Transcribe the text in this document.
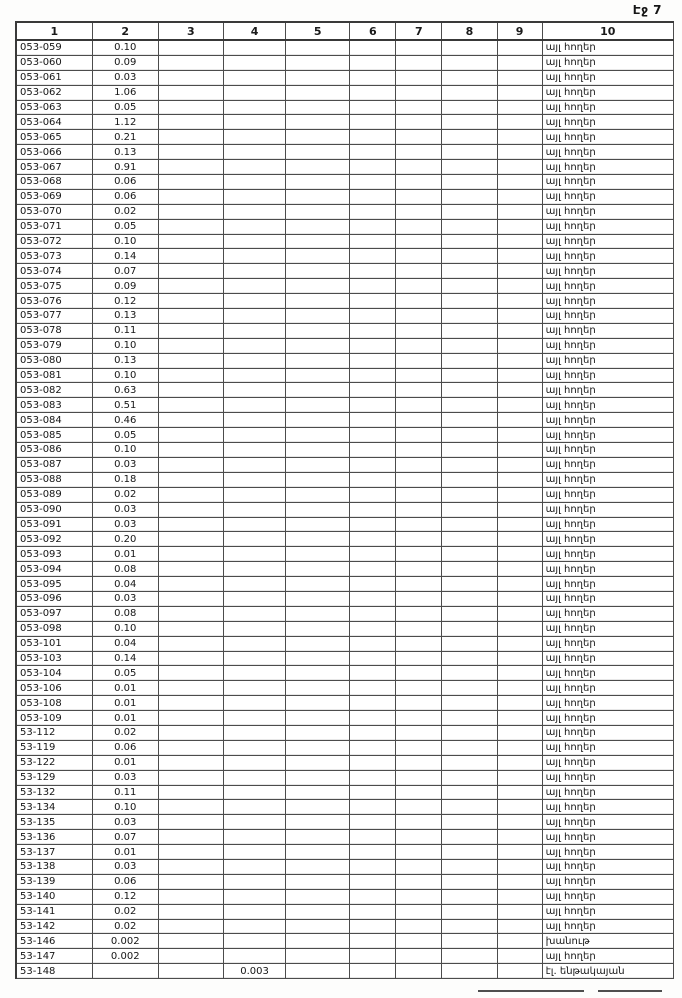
Էջ 7
1	2	3	4	5	6	7	8	9	10
053-059	0.10								այլ հողեր
053-060	0.09								այլ հողեր
053-061	0.03								այլ հողեր
053-062	1.06								այլ հողեր
053-063	0.05								այլ հողեր
053-064	1.12								այլ հողեր
053-065	0.21								այլ հողեր
053-066	0.13								այլ հողեր
053-067	0.91								այլ հողեր
053-068	0.06								այլ հողեր
053-069	0.06								այլ հողեր
053-070	0.02								այլ հողեր
053-071	0.05								այլ հողեր
053-072	0.10								այլ հողեր
053-073	0.14								այլ հողեր
053-074	0.07								այլ հողեր
053-075	0.09								այլ հողեր
053-076	0.12								այլ հողեր
053-077	0.13								այլ հողեր
053-078	0.11								այլ հողեր
053-079	0.10								այլ հողեր
053-080	0.13								այլ հողեր
053-081	0.10								այլ հողեր
053-082	0.63								այլ հողեր
053-083	0.51								այլ հողեր
053-084	0.46								այլ հողեր
053-085	0.05								այլ հողեր
053-086	0.10								այլ հողեր
053-087	0.03								այլ հողեր
053-088	0.18								այլ հողեր
053-089	0.02								այլ հողեր
053-090	0.03								այլ հողեր
053-091	0.03								այլ հողեր
053-092	0.20								այլ հողեր
053-093	0.01								այլ հողեր
053-094	0.08								այլ հողեր
053-095	0.04								այլ հողեր
053-096	0.03								այլ հողեր
053-097	0.08								այլ հողեր
053-098	0.10								այլ հողեր
053-101	0.04								այլ հողեր
053-103	0.14								այլ հողեր
053-104	0.05								այլ հողեր
053-106	0.01								այլ հողեր
053-108	0.01								այլ հողեր
053-109	0.01								այլ հողեր
53-112	0.02								այլ հողեր
53-119	0.06								այլ հողեր
53-122	0.01								այլ հողեր
53-129	0.03								այլ հողեր
53-132	0.11								այլ հողեր
53-134	0.10								այլ հողեր
53-135	0.03								այլ հողեր
53-136	0.07								այլ հողեր
53-137	0.01								այլ հողեր
53-138	0.03								այլ հողեր
53-139	0.06								այլ հողեր
53-140	0.12								այլ հողեր
53-141	0.02								այլ հողեր
53-142	0.02								այլ հողեր
53-146	0.002								խանութ
53-147	0.002								այլ հողեր
53-148			0.003						էլ. ենթակայան
